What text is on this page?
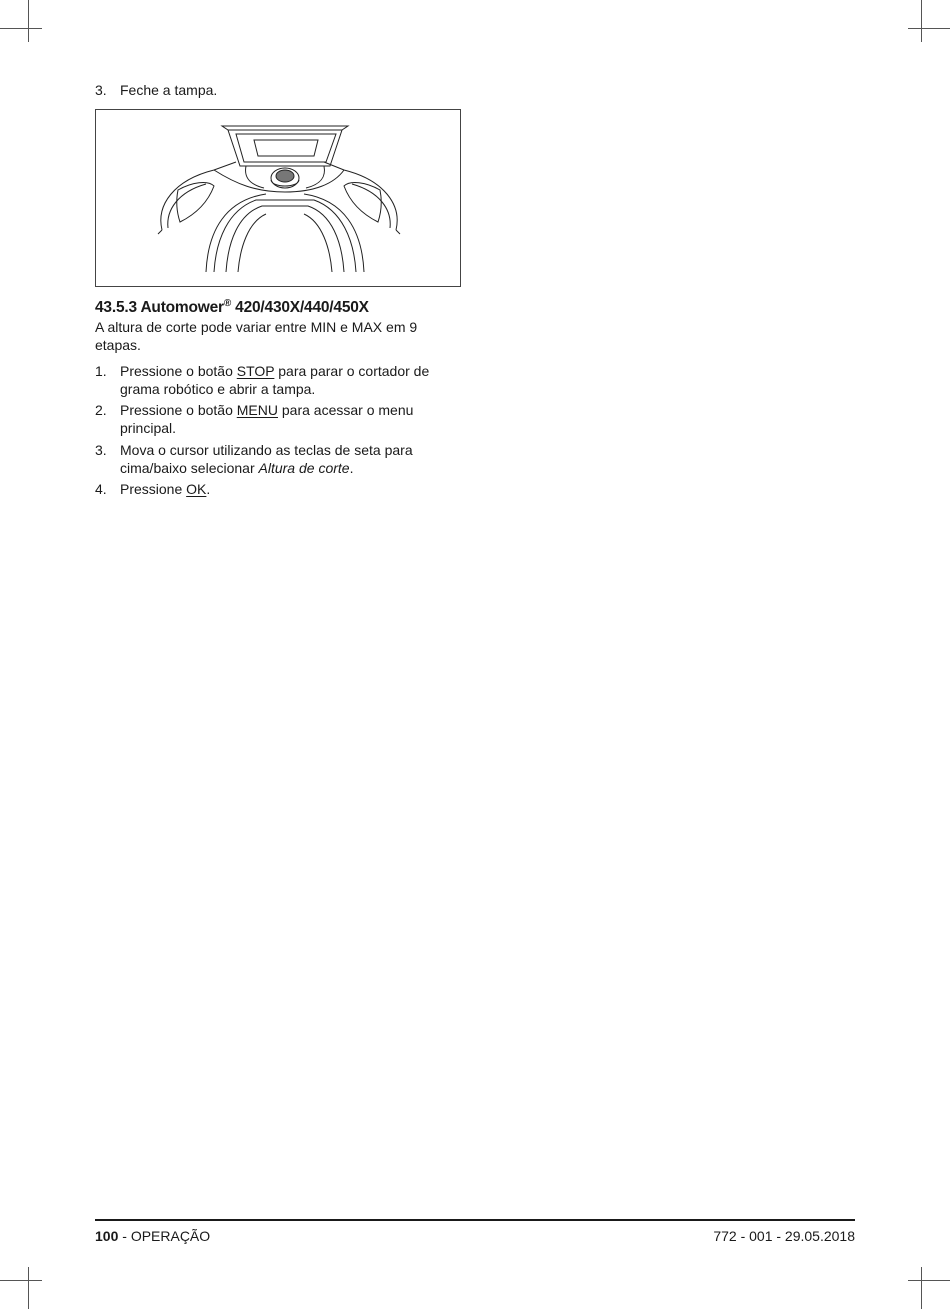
3. Feche a tampa.
43.5.3 Automower® 420/430X/440/450X
A altura de corte pode variar entre MIN e MAX em 9 etapas.
1. Pressione o botão STOP para parar o cortador de grama robótico e abrir a tampa.
2. Pressione o botão MENU para acessar o menu principal.
3. Mova o cursor utilizando as teclas de seta para cima/baixo selecionar Altura de corte.
4. Pressione OK.
100 - OPERAÇÃO	772 - 001 - 29.05.2018
